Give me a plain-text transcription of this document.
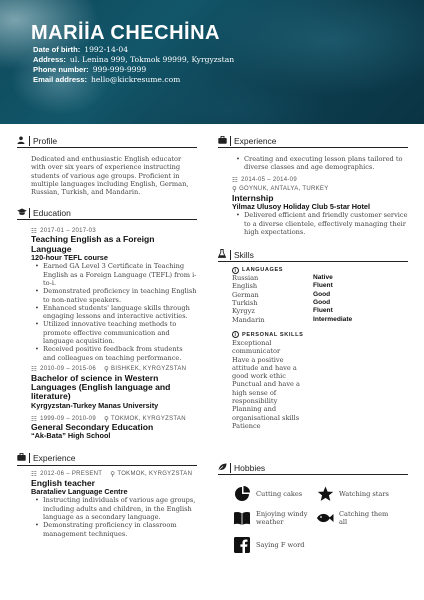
MARİİA CHECHİNA
Date of birth: 1992-14-04
Address: ul. Lenina 999, Tokmok 99999, Kyrgyzstan
Phone number: 999-999-9999
Email address: hello@kickresume.com
Profile
Dedicated and enthusiastic English educator with over six years of experience instructing students of various age groups. Proficient in multiple languages including English, German, Russian, Turkish, and Mandarin.
Education
☷ 2017-01 – 2017-03
Teaching English as a Foreign Language
120-hour TEFL course
• Earned GA Level 3 Certificate in Teaching English as a Foreign Language (TEFL) from i-to-i.
• Demonstrated proficiency in teaching English to non-native speakers.
• Enhanced students' language skills through engaging lessons and interactive activities.
• Utilized innovative teaching methods to promote effective communication and language acquisition.
• Received positive feedback from students and colleagues on teaching performance.
☷ 2010-09 – 2015-06 ⚲ BISHKEK, KYRGYZSTAN
Bachelor of science in Western Languages (English language and literature)
Kyrgyzstan-Turkey Manas University
☷ 1999-09 – 2010-09 ⚲ TOKMOK, KYRGYZSTAN
General Secondary Education
“Ak-Bata” High School
Experience
☷ 2012-06 – PRESENT ⚲ TOKMOK, KYRGYZSTAN
English teacher
Barataliev Language Centre
• Instructing individuals of various age groups, including adults and children, in the English language as a secondary language.
• Demonstrating proficiency in classroom management techniques.
Experience
• Creating and executing lesson plans tailored to diverse classes and age demographics.
☷ 2014-05 – 2014-09
⚲ GOYNUK, ANTALYA, TURKEY
Internship
Yilmaz Ulusoy Holiday Club 5-star Hotel
• Delivered efficient and friendly customer service to a diverse clientele, effectively managing their high expectations.
Skills
i LANGUAGES
Russian	Native
English	Fluent
German	Good
Turkish	Good
Kyrgyz	Fluent
Mandarin	Intermediate
i PERSONAL SKILLS
Exceptional communicator
Have a positive attitude and have a good work ethic
Punctual and have a high sense of responsibility
Planning and organisational skills
Patience
Hobbies
Cutting cakes	Watching stars
Enjoying windy weather
Catching them all
Saying F word
